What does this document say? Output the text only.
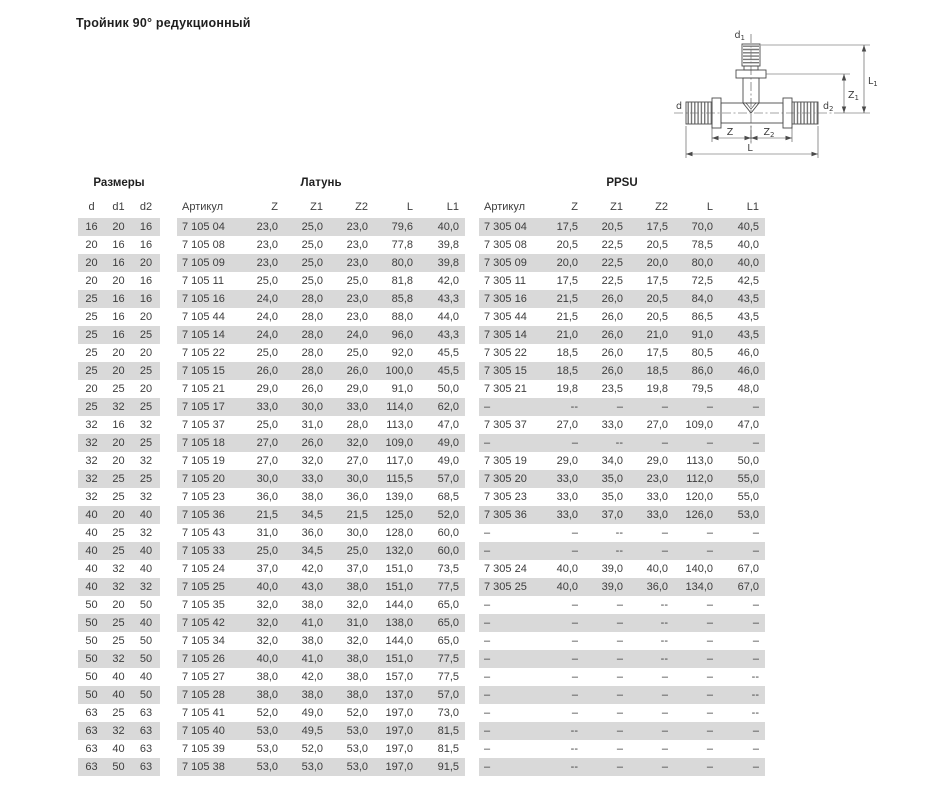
Тройник 90° редукционный
$d_1$
d	$d_2$
Z	$Z_2$
L
$Z_1$
$L_1$
Размеры				Латунь							PPSU					
d	d1	d2		Артикул	Z	Z1	Z2	L	L1		Артикул	Z	Z1	Z2	L	L1
16	20	16		7 105 04	23,0	25,0	23,0	79,6	40,0		7 305 04	17,5	20,5	17,5	70,0	40,5
20	16	16		7 105 08	23,0	25,0	23,0	77,8	39,8		7 305 08	20,5	22,5	20,5	78,5	40,0
20	16	20		7 105 09	23,0	25,0	23,0	80,0	39,8		7 305 09	20,0	22,5	20,0	80,0	40,0
20	20	16		7 105 11	25,0	25,0	25,0	81,8	42,0		7 305 11	17,5	22,5	17,5	72,5	42,5
25	16	16		7 105 16	24,0	28,0	23,0	85,8	43,3		7 305 16	21,5	26,0	20,5	84,0	43,5
25	16	20		7 105 44	24,0	28,0	23,0	88,0	44,0		7 305 44	21,5	26,0	20,5	86,5	43,5
25	16	25		7 105 14	24,0	28,0	24,0	96,0	43,3		7 305 14	21,0	26,0	21,0	91,0	43,5
25	20	20		7 105 22	25,0	28,0	25,0	92,0	45,5		7 305 22	18,5	26,0	17,5	80,5	46,0
25	20	25		7 105 15	26,0	28,0	26,0	100,0	45,5		7 305 15	18,5	26,0	18,5	86,0	46,0
20	25	20		7 105 21	29,0	26,0	29,0	91,0	50,0		7 305 21	19,8	23,5	19,8	79,5	48,0
25	32	25		7 105 17	33,0	30,0	33,0	114,0	62,0		–	--	–	–	–	–
32	16	32		7 105 37	25,0	31,0	28,0	113,0	47,0		7 305 37	27,0	33,0	27,0	109,0	47,0
32	20	25		7 105 18	27,0	26,0	32,0	109,0	49,0		–	–	--	–	–	–
32	20	32		7 105 19	27,0	32,0	27,0	117,0	49,0		7 305 19	29,0	34,0	29,0	113,0	50,0
32	25	25		7 105 20	30,0	33,0	30,0	115,5	57,0		7 305 20	33,0	35,0	23,0	112,0	55,0
32	25	32		7 105 23	36,0	38,0	36,0	139,0	68,5		7 305 23	33,0	35,0	33,0	120,0	55,0
40	20	40		7 105 36	21,5	34,5	21,5	125,0	52,0		7 305 36	33,0	37,0	33,0	126,0	53,0
40	25	32		7 105 43	31,0	36,0	30,0	128,0	60,0		–	–	--	–	–	–
40	25	40		7 105 33	25,0	34,5	25,0	132,0	60,0		–	–	--	–	–	–
40	32	40		7 105 24	37,0	42,0	37,0	151,0	73,5		7 305 24	40,0	39,0	40,0	140,0	67,0
40	32	32		7 105 25	40,0	43,0	38,0	151,0	77,5		7 305 25	40,0	39,0	36,0	134,0	67,0
50	20	50		7 105 35	32,0	38,0	32,0	144,0	65,0		–	–	–	--	–	–
50	25	40		7 105 42	32,0	41,0	31,0	138,0	65,0		–	–	–	--	–	–
50	25	50		7 105 34	32,0	38,0	32,0	144,0	65,0		–	–	–	--	–	–
50	32	50		7 105 26	40,0	41,0	38,0	151,0	77,5		–	–	–	--	–	–
50	40	40		7 105 27	38,0	42,0	38,0	157,0	77,5		–	–	–	–	–	--
50	40	50		7 105 28	38,0	38,0	38,0	137,0	57,0		–	–	–	–	–	--
63	25	63		7 105 41	52,0	49,0	52,0	197,0	73,0		–	–	–	–	–	--
63	32	63		7 105 40	53,0	49,5	53,0	197,0	81,5		–	--	–	–	–	–
63	40	63		7 105 39	53,0	52,0	53,0	197,0	81,5		–	--	–	–	–	–
63	50	63		7 105 38	53,0	53,0	53,0	197,0	91,5		–	--	–	–	–	–
